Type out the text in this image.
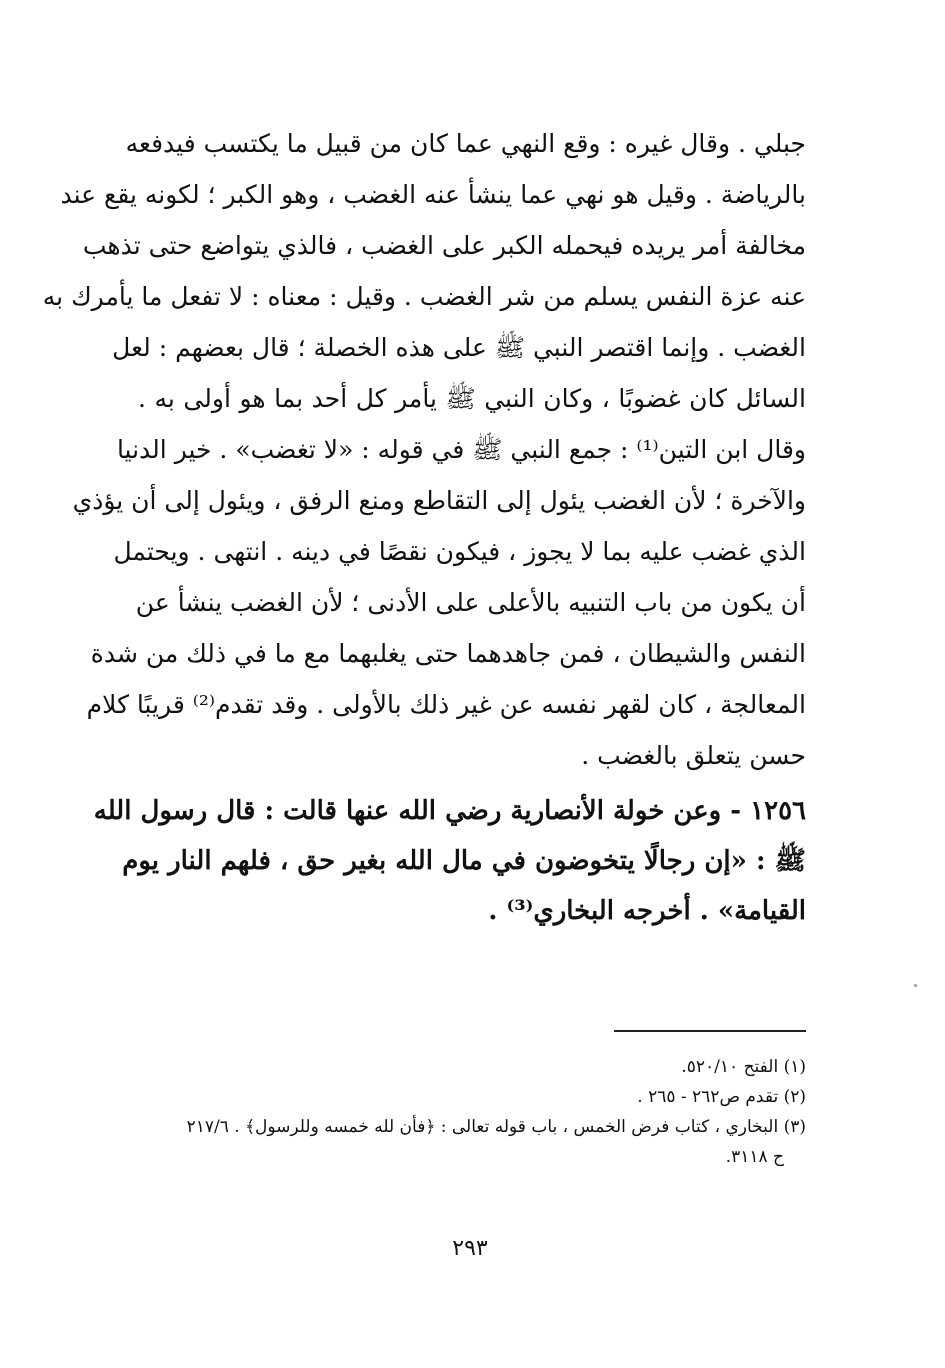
جبلي . وقال غيره : وقع النهي عما كان من قبيل ما يكتسب فيدفعه
بالرياضة . وقيل هو نهي عما ينشأ عنه الغضب ، وهو الكبر ؛ لكونه يقع عند
مخالفة أمر يريده فيحمله الكبر على الغضب ، فالذي يتواضع حتى تذهب
عنه عزة النفس يسلم من شر الغضب . وقيل : معناه : لا تفعل ما يأمرك به
الغضب . وإنما اقتصر النبي ﷺ على هذه الخصلة ؛ قال بعضهم : لعل
السائل كان غضوبًا ، وكان النبي ﷺ يأمر كل أحد بما هو أولى به .
وقال ابن التين⁽¹⁾ : جمع النبي ﷺ في قوله : «لا تغضب» . خير الدنيا
والآخرة ؛ لأن الغضب يئول إلى التقاطع ومنع الرفق ، ويئول إلى أن يؤذي
الذي غضب عليه بما لا يجوز ، فيكون نقصًا في دينه . انتهى . ويحتمل
أن يكون من باب التنبيه بالأعلى على الأدنى ؛ لأن الغضب ينشأ عن
النفس والشيطان ، فمن جاهدهما حتى يغلبهما مع ما في ذلك من شدة
المعالجة ، كان لقهر نفسه عن غير ذلك بالأولى . وقد تقدم⁽²⁾ قريبًا كلام
حسن يتعلق بالغضب .
١٢٥٦ - وعن خولة الأنصارية رضي الله عنها قالت : قال رسول الله
ﷺ : «إن رجالًا يتخوضون في مال الله بغير حق ، فلهم النار يوم
القيامة» . أخرجه البخاري⁽³⁾ .
(١) الفتح ٥٢٠/١٠.
(٢) تقدم ص٢٦٢ - ٢٦٥ .
(٣) البخاري ، كتاب فرض الخمس ، باب قوله تعالى : ﴿فأن لله خمسه وللرسول﴾ . ٢١٧/٦
ح ٣١١٨.
٢٩٣
